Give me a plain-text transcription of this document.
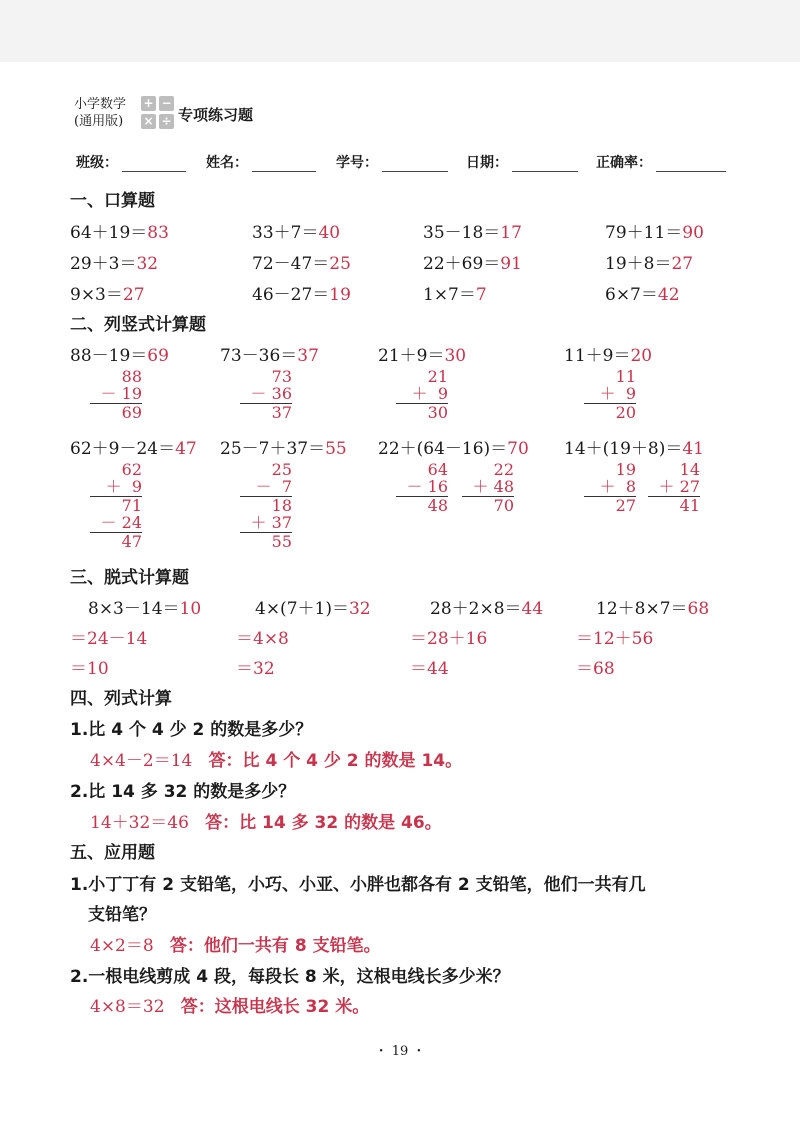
小学数学
(通用版)
+ −
× ÷ 专项练习题
班级：	姓名：	学号：	日期：	正确率：
一、口算题
64＋19＝83	33＋7＝40	35－18＝17	79＋11＝90
29＋3＝32	72－47＝25	22＋69＝91	19＋8＝27
9×3＝27	46－27＝19	1×7＝7	6×7＝42
二、列竖式计算题
88－19＝69	73－36＝37	21＋9＝30	11＋9＝20
88
－ 19
69
73
－ 36
37
21
＋  9
30
11
＋  9
20
62＋9－24＝47 25－7＋37＝55 22＋(64－16)＝70 14＋(19＋8)＝41
62
＋  9
71
－ 24
47
25
－  7
18
＋ 37
55
64
－ 16
48
22
＋ 48
70
19
＋  8
27
14
＋ 27
41
三、脱式计算题
8×3－14＝10
＝24－14
＝10
4×(7＋1)＝32
＝4×8
＝32
28＋2×8＝44
＝28＋16
＝44
12＋8×7＝68
＝12＋56
＝68
四、列式计算
1.比 4 个 4 少 2 的数是多少？
4×4－2＝14 答：比 4 个 4 少 2 的数是 14。
2.比 14 多 32 的数是多少？
14＋32＝46 答：比 14 多 32 的数是 46。
五、应用题
1.小丁丁有 2 支铅笔，小巧、小亚、小胖也都各有 2 支铅笔，他们一共有几
支铅笔？
4×2＝8 答：他们一共有 8 支铅笔。
2.一根电线剪成 4 段，每段长 8 米，这根电线长多少米？
4×8＝32 答：这根电线长 32 米。
・ 19 ・
